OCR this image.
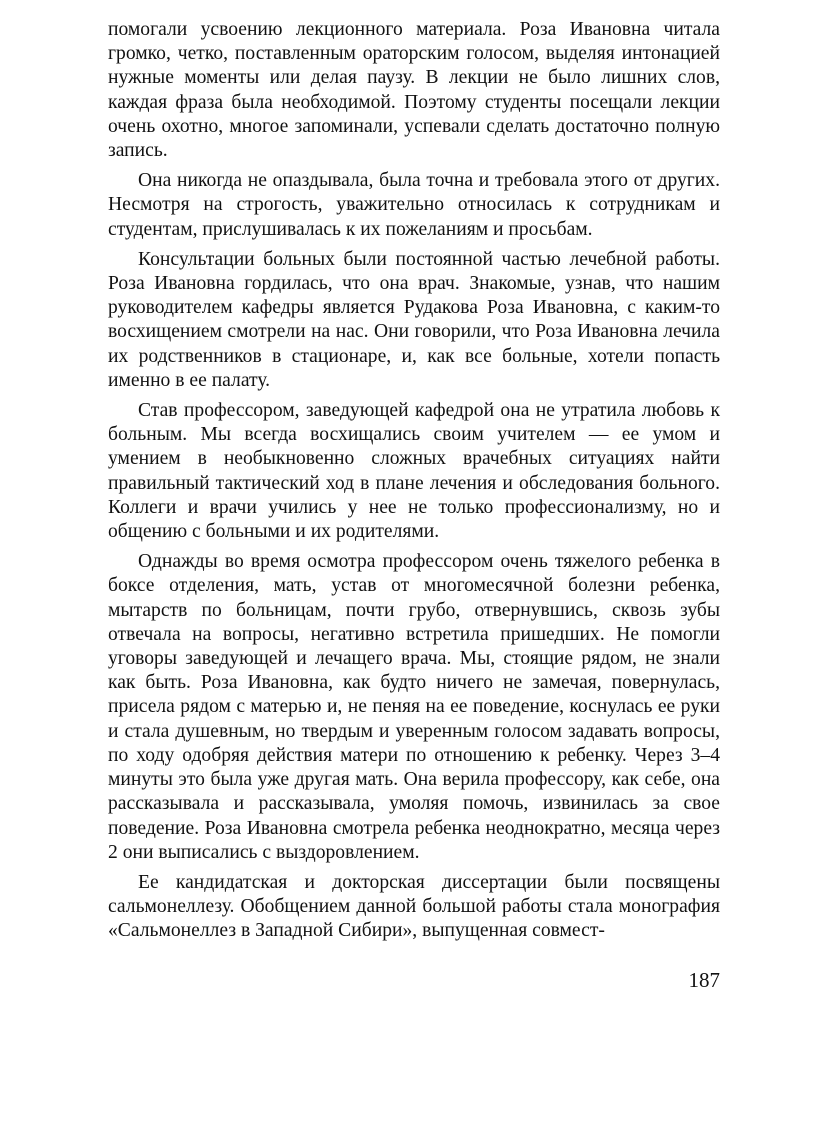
помогали усвоению лекционного материала. Роза Ивановна читала громко, четко, поставленным ораторским голосом, выделяя интонацией нужные моменты или делая паузу. В лекции не было лишних слов, каждая фраза была необходимой. Поэтому студенты посещали лекции очень охотно, многое запоминали, успевали сделать достаточно полную запись.

Она никогда не опаздывала, была точна и требовала этого от других. Несмотря на строгость, уважительно относилась к сотрудникам и студентам, прислушивалась к их пожеланиям и просьбам.

Консультации больных были постоянной частью лечебной работы. Роза Ивановна гордилась, что она врач. Знакомые, узнав, что нашим руководителем кафедры является Рудакова Роза Ивановна, с каким-то восхищением смотрели на нас. Они говорили, что Роза Ивановна лечила их родственников в стационаре, и, как все больные, хотели попасть именно в ее палату.

Став профессором, заведующей кафедрой она не утратила любовь к больным. Мы всегда восхищались своим учителем — ее умом и умением в необыкновенно сложных врачебных ситуациях найти правильный тактический ход в плане лечения и обследования больного. Коллеги и врачи учились у нее не только профессионализму, но и общению с больными и их родителями.

Однажды во время осмотра профессором очень тяжелого ребенка в боксе отделения, мать, устав от многомесячной болезни ребенка, мытарств по больницам, почти грубо, отвернувшись, сквозь зубы отвечала на вопросы, негативно встретила пришедших. Не помогли уговоры заведующей и лечащего врача. Мы, стоящие рядом, не знали как быть. Роза Ивановна, как будто ничего не замечая, повернулась, присела рядом с матерью и, не пеняя на ее поведение, коснулась ее руки и стала душевным, но твердым и уверенным голосом задавать вопросы, по ходу одобряя действия матери по отношению к ребенку. Через 3–4 минуты это была уже другая мать. Она верила профессору, как себе, она рассказывала и рассказывала, умоляя помочь, извинилась за свое поведение. Роза Ивановна смотрела ребенка неоднократно, месяца через 2 они выписались с выздоровлением.

Ее кандидатская и докторская диссертации были посвящены сальмонеллезу. Обобщением данной большой работы стала монография «Сальмонеллез в Западной Сибири», выпущенная совмест-

187
